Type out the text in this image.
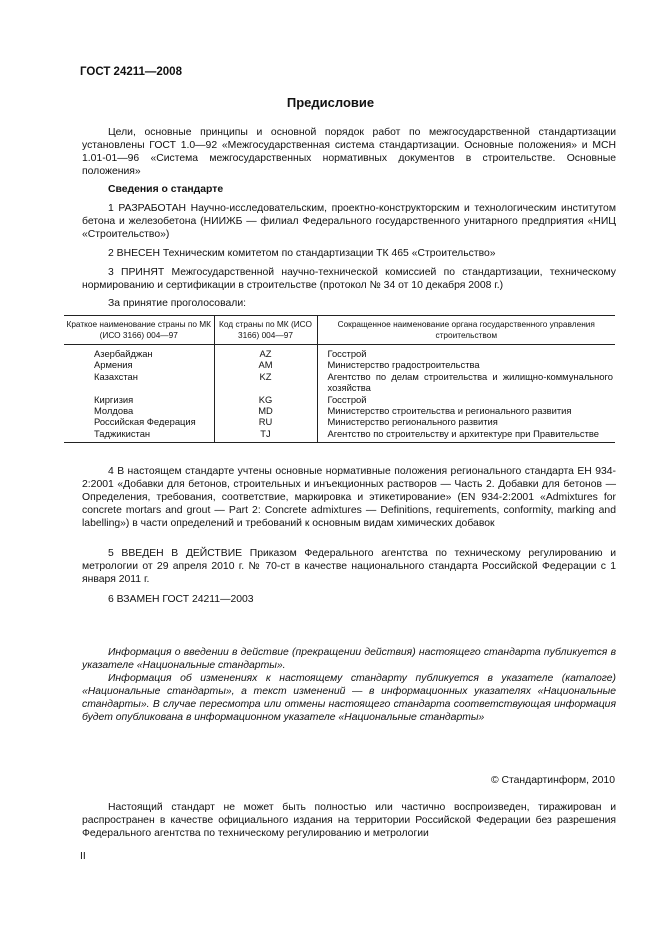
ГОСТ 24211—2008
Предисловие

Цели, основные принципы и основной порядок работ по межгосударственной стандартизации установлены ГОСТ 1.0—92 «Межгосударственная система стандартизации. Основные положения» и МСН 1.01-01—96 «Система межгосударственных нормативных документов в строительстве. Основные положения»

Сведения о стандарте

1 РАЗРАБОТАН Научно-исследовательским, проектно-конструкторским и технологическим институтом бетона и железобетона (НИИЖБ — филиал Федерального государственного унитарного предприятия «НИЦ «Строительство»)

2 ВНЕСЕН Техническим комитетом по стандартизации ТК 465 «Строительство»

3 ПРИНЯТ Межгосударственной научно-технической комиссией по стандартизации, техническому нормированию и сертификации в строительстве (протокол № 34 от 10 декабря 2008 г.)

За принятие проголосовали:

Краткое наименование страны по МК (ИСО 3166) 004—97	Код страны по МК (ИСО 3166) 004—97	Сокращенное наименование органа государственного управления строительством
Азербайджан	AZ	Госстрой
Армения	AM	Министерство градостроительства
Казахстан	KZ	Агентство по делам строительства и жилищно-коммунального хозяйства
Киргизия	KG	Госстрой
Молдова	MD	Министерство строительства и регионального развития
Российская Федерация	RU	Министерство регионального развития
Таджикистан	TJ	Агентство по строительству и архитектуре при Правительстве

4 В настоящем стандарте учтены основные нормативные положения регионального стандарта ЕН 934-2:2001 «Добавки для бетонов, строительных и инъекционных растворов — Часть 2. Добавки для бетонов — Определения, требования, соответствие, маркировка и этикетирование» (EN 934-2:2001 «Admixtures for concrete mortars and grout — Part 2: Concrete admixtures — Definitions, requirements, conformity, marking and labelling») в части определений и требований к основным видам химических добавок

5 ВВЕДЕН В ДЕЙСТВИЕ Приказом Федерального агентства по техническому регулированию и метрологии от 29 апреля 2010 г. № 70-ст в качестве национального стандарта Российской Федерации с 1 января 2011 г.

6 ВЗАМЕН ГОСТ 24211—2003

Информация о введении в действие (прекращении действия) настоящего стандарта публикуется в указателе «Национальные стандарты».

Информация об изменениях к настоящему стандарту публикуется в указателе (каталоге) «Национальные стандарты», а текст изменений — в информационных указателях «Национальные стандарты». В случае пересмотра или отмены настоящего стандарта соответствующая информация будет опубликована в информационном указателе «Национальные стандарты»

© Стандартинформ, 2010

Настоящий стандарт не может быть полностью или частично воспроизведен, тиражирован и распространен в качестве официального издания на территории Российской Федерации без разрешения Федерального агентства по техническому регулированию и метрологии

II
